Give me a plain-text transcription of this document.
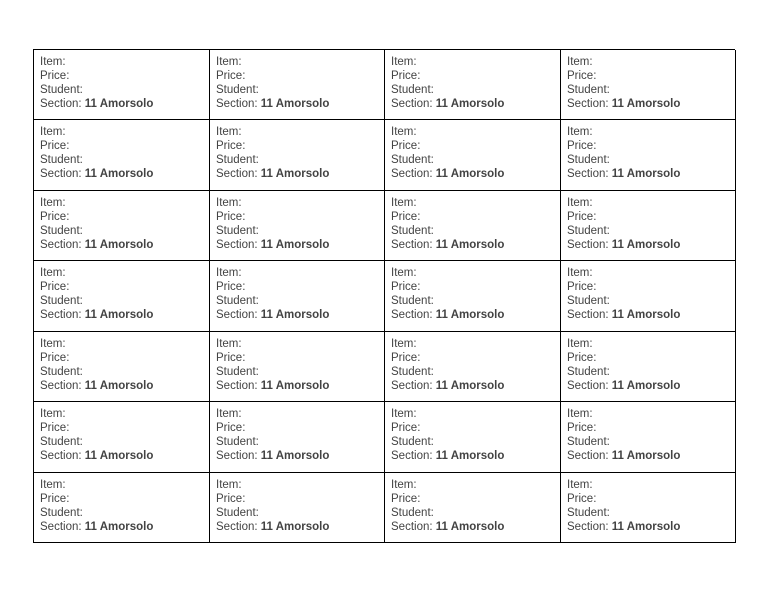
Item:
Price:
Student:
Section: 11 Amorsolo
Item:
Price:
Student:
Section: 11 Amorsolo
Item:
Price:
Student:
Section: 11 Amorsolo
Item:
Price:
Student:
Section: 11 Amorsolo
Item:
Price:
Student:
Section: 11 Amorsolo
Item:
Price:
Student:
Section: 11 Amorsolo
Item:
Price:
Student:
Section: 11 Amorsolo
Item:
Price:
Student:
Section: 11 Amorsolo
Item:
Price:
Student:
Section: 11 Amorsolo
Item:
Price:
Student:
Section: 11 Amorsolo
Item:
Price:
Student:
Section: 11 Amorsolo
Item:
Price:
Student:
Section: 11 Amorsolo
Item:
Price:
Student:
Section: 11 Amorsolo
Item:
Price:
Student:
Section: 11 Amorsolo
Item:
Price:
Student:
Section: 11 Amorsolo
Item:
Price:
Student:
Section: 11 Amorsolo
Item:
Price:
Student:
Section: 11 Amorsolo
Item:
Price:
Student:
Section: 11 Amorsolo
Item:
Price:
Student:
Section: 11 Amorsolo
Item:
Price:
Student:
Section: 11 Amorsolo
Item:
Price:
Student:
Section: 11 Amorsolo
Item:
Price:
Student:
Section: 11 Amorsolo
Item:
Price:
Student:
Section: 11 Amorsolo
Item:
Price:
Student:
Section: 11 Amorsolo
Item:
Price:
Student:
Section: 11 Amorsolo
Item:
Price:
Student:
Section: 11 Amorsolo
Item:
Price:
Student:
Section: 11 Amorsolo
Item:
Price:
Student:
Section: 11 Amorsolo
